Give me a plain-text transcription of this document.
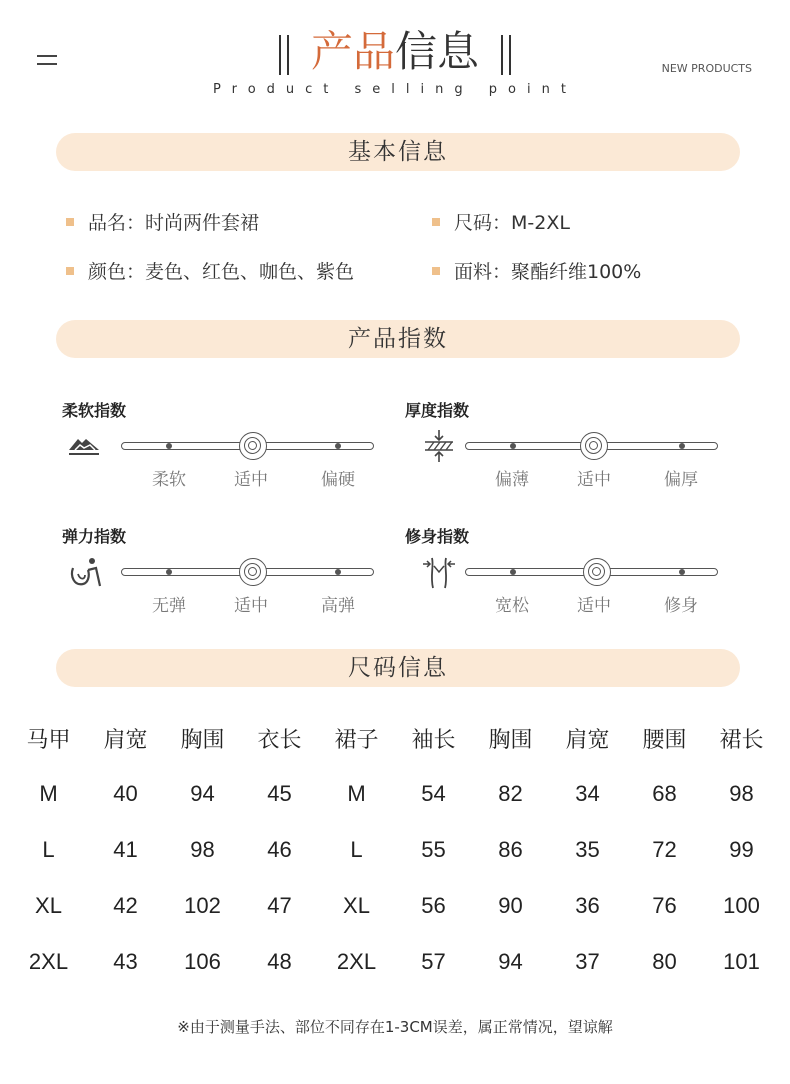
产品信息
Product selling point
NEW PRODUCTS
基本信息
品名：时尚两件套裙	尺码：M-2XL
颜色：麦色、红色、咖色、紫色	面料：聚酯纤维100%
产品指数
柔软指数
柔软	适中	偏硬
厚度指数
偏薄	适中	偏厚
弹力指数
无弹	适中	高弹
修身指数
宽松	适中	修身
尺码信息
马甲	肩宽	胸围	衣长	裙子	袖长	胸围	肩宽	腰围	裙长
M	40	94	45	M	54	82	34	68	98
L	41	98	46	L	55	86	35	72	99
XL	42	102	47	XL	56	90	36	76	100
2XL	43	106	48	2XL	57	94	37	80	101
※由于测量手法、部位不同存在1-3CM误差，属正常情况，望谅解
